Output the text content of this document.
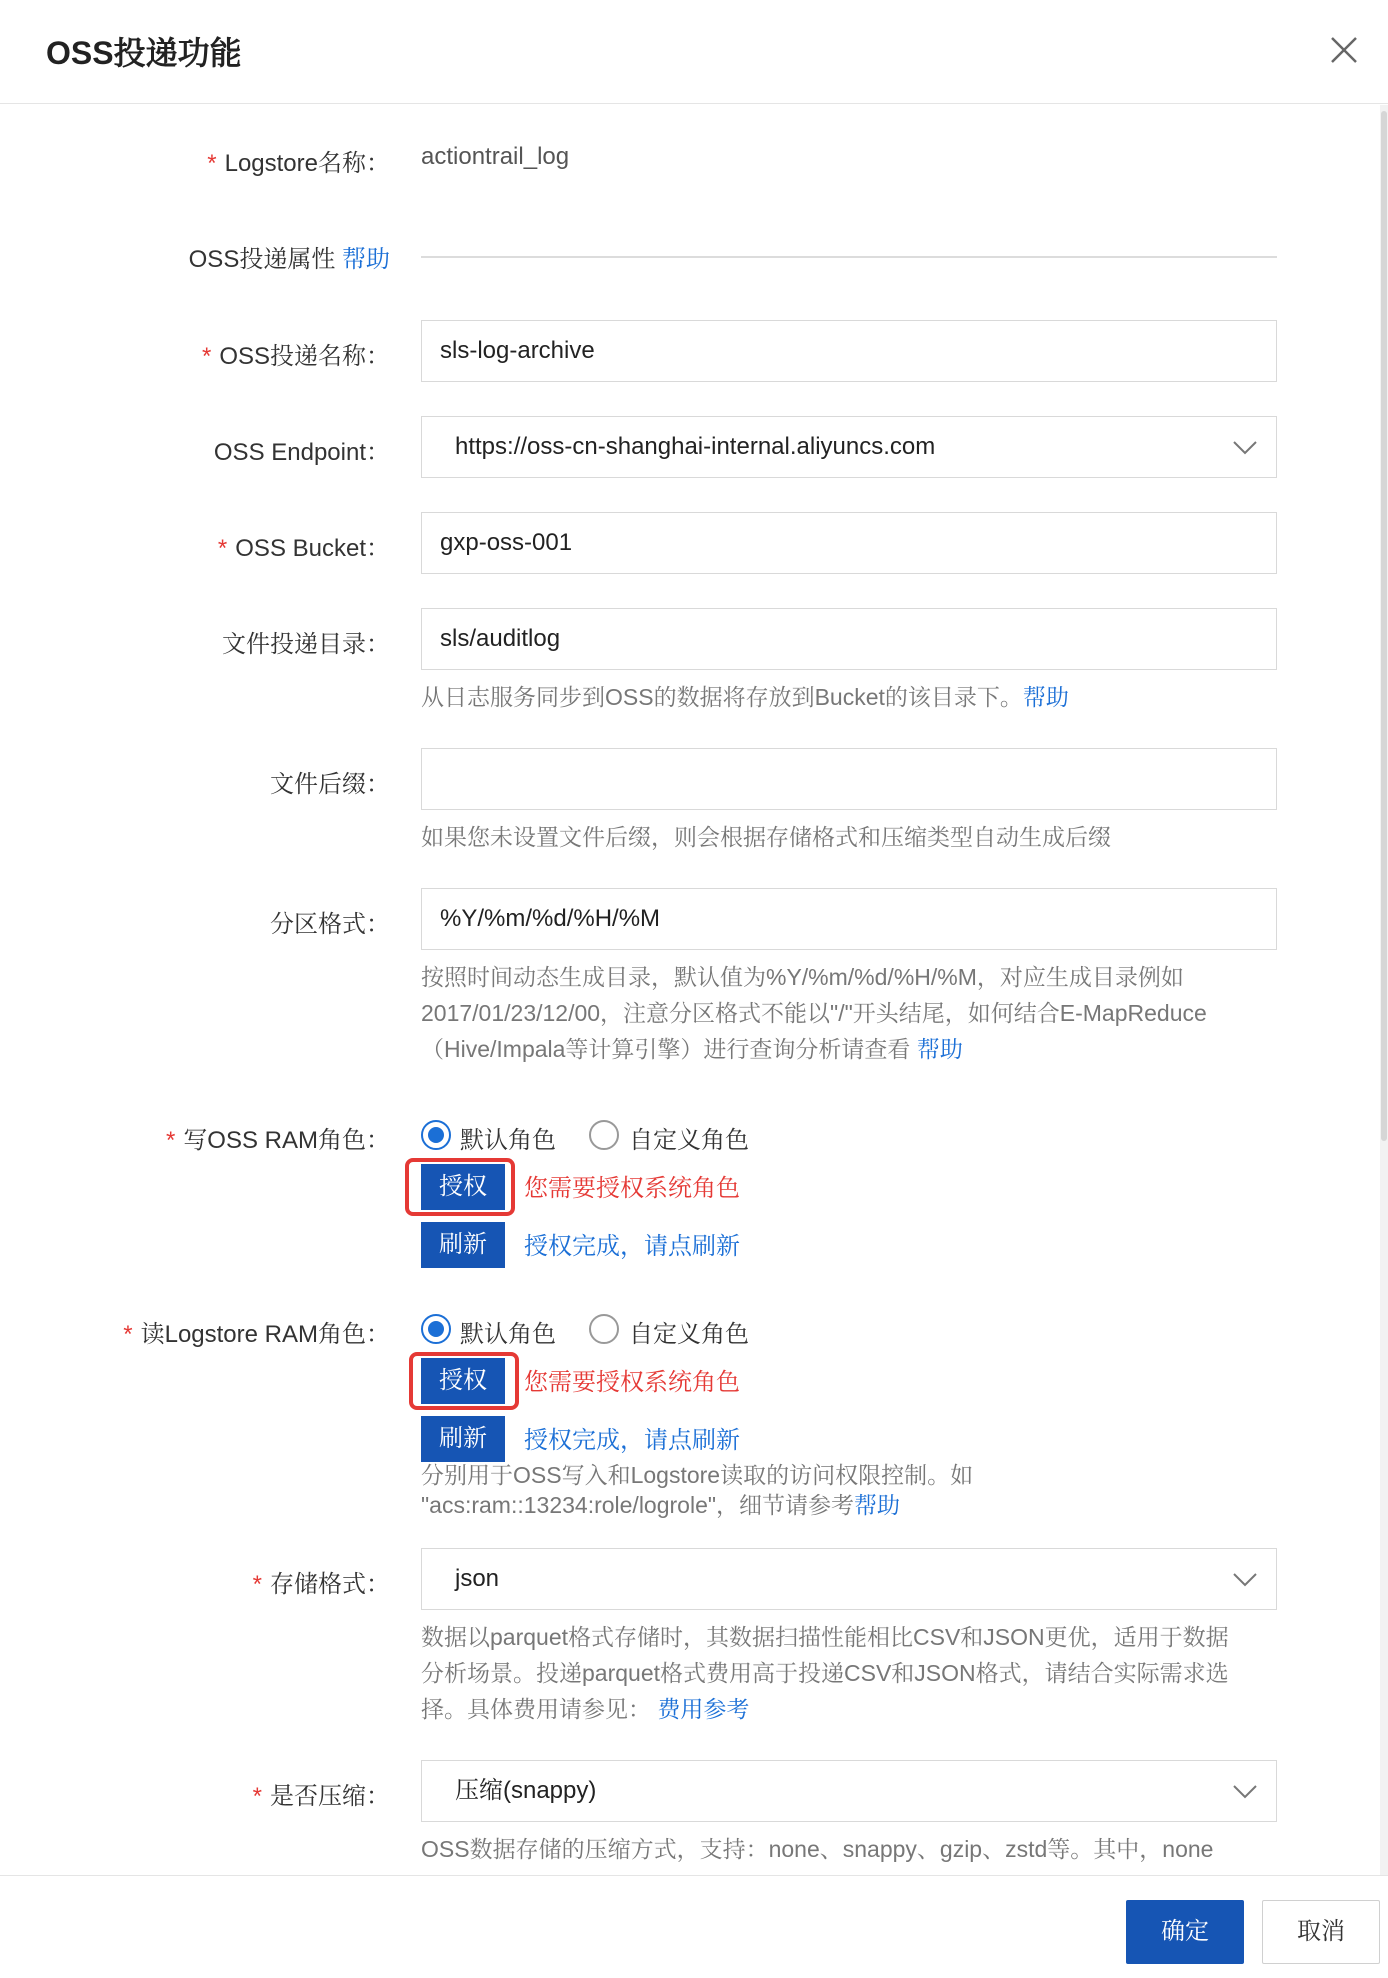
OSS投递功能
* Logstore名称： actiontrail_log
OSS投递属性 帮助
* OSS投递名称：	sls-log-archive
OSS Endpoint：	https://oss-cn-shanghai-internal.aliyuncs.com
* OSS Bucket：	gxp-oss-001
文件投递目录：	sls/auditlog
从日志服务同步到OSS的数据将存放到Bucket的该目录下。帮助
文件后缀：
如果您未设置文件后缀，则会根据存储格式和压缩类型自动生成后缀
分区格式：	%Y/%m/%d/%H/%M
按照时间动态生成目录，默认值为%Y/%m/%d/%H/%M，对应生成目录例如
2017/01/23/12/00，注意分区格式不能以"/"开头结尾，如何结合E-MapReduce
（Hive/Impala等计算引擎）进行查询分析请查看 帮助
* 写OSS RAM角色：	默认角色	自定义角色
授权	您需要授权系统角色
刷新	授权完成，请点刷新
* 读Logstore RAM角色：	默认角色	自定义角色
授权	您需要授权系统角色
刷新	授权完成，请点刷新
分别用于OSS写入和Logstore读取的访问权限控制。如
"acs:ram::13234:role/logrole"，细节请参考帮助
* 存储格式：	json
数据以parquet格式存储时，其数据扫描性能相比CSV和JSON更优，适用于数据
分析场景。投递parquet格式费用高于投递CSV和JSON格式，请结合实际需求选
择。具体费用请参见： 费用参考
* 是否压缩：	压缩(snappy)
OSS数据存储的压缩方式，支持：none、snappy、gzip、zstd等。其中，none
确定	取消
